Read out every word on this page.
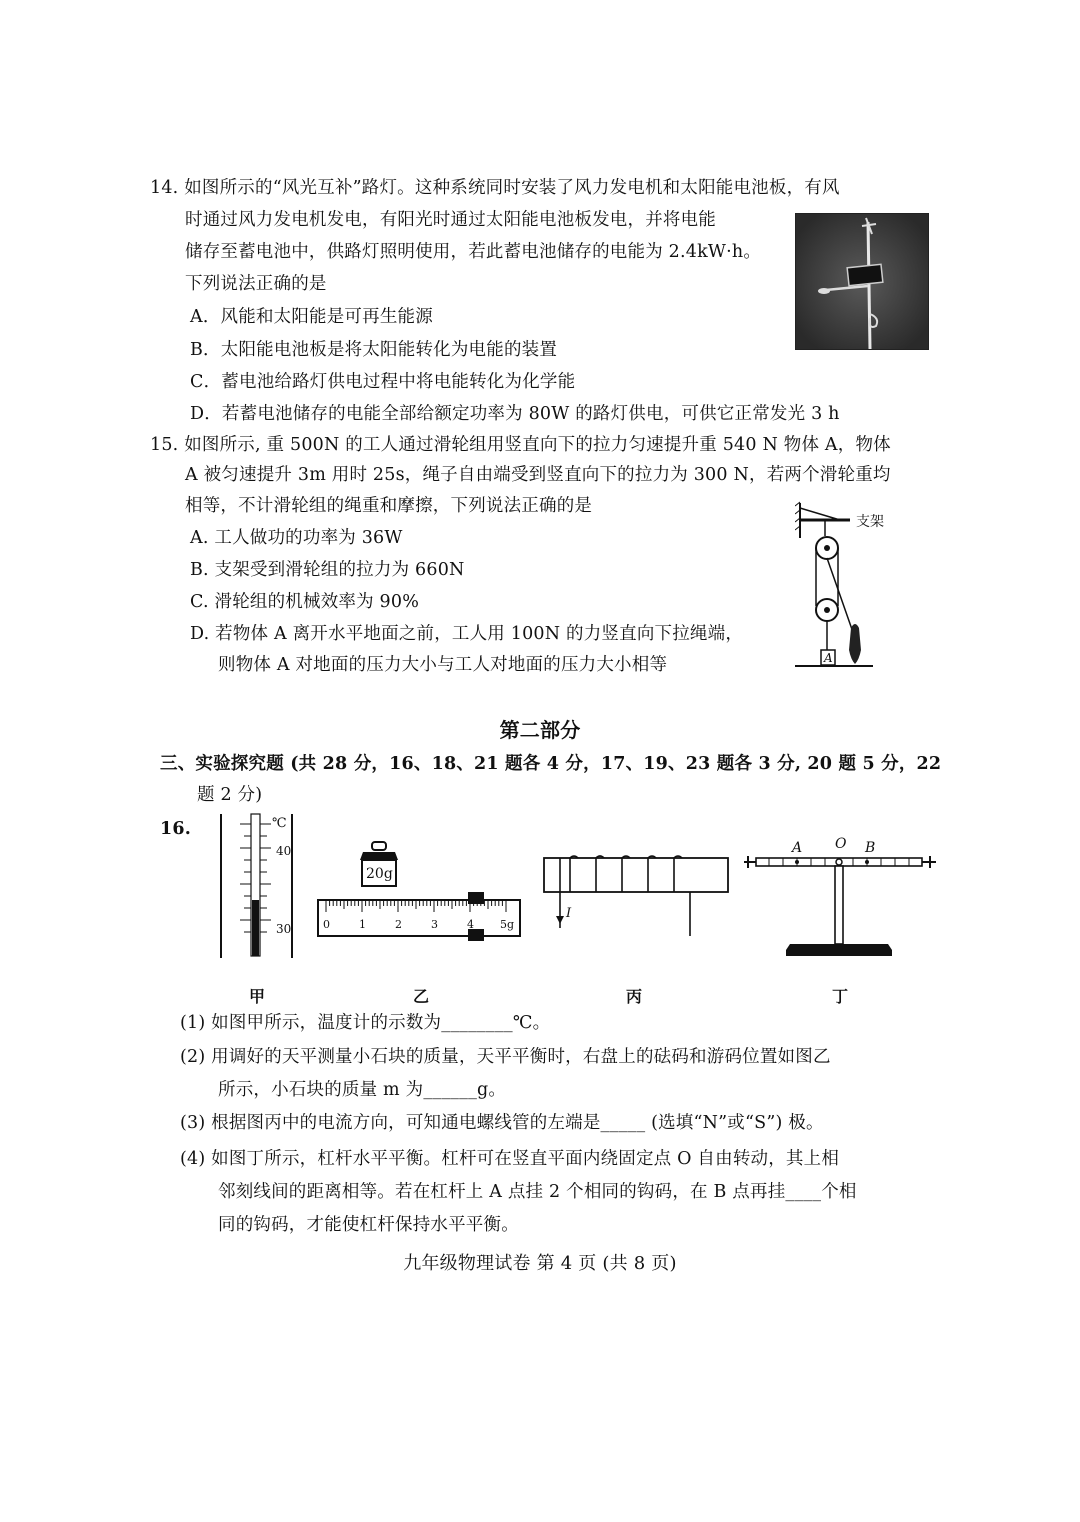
14. 如图所示的“风光互补”路灯。这种系统同时安装了风力发电机和太阳能电池板，有风
时通过风力发电机发电，有阳光时通过太阳能电池板发电，并将电能
储存至蓄电池中，供路灯照明使用，若此蓄电池储存的电能为 2.4kW·h。
下列说法正确的是
A．风能和太阳能是可再生能源
B．太阳能电池板是将太阳能转化为电能的装置
C．蓄电池给路灯供电过程中将电能转化为化学能
D．若蓄电池储存的电能全部给额定功率为 80W 的路灯供电，可供它正常发光 3 h
15. 如图所示, 重 500N 的工人通过滑轮组用竖直向下的拉力匀速提升重 540 N 物体 A，物体
A 被匀速提升 3m 用时 25s，绳子自由端受到竖直向下的拉力为 300 N，若两个滑轮重均
相等，不计滑轮组的绳重和摩擦，下列说法正确的是
A. 工人做功的功率为 36W
B. 支架受到滑轮组的拉力为 660N
C. 滑轮组的机械效率为 90%
D. 若物体 A 离开水平地面之前，工人用 100N 的力竖直向下拉绳端，
则物体 A 对地面的压力大小与工人对地面的压力大小相等
支架
A
第二部分
三、实验探究题 (共 28 分，16、18、21 题各 4 分，17、19、23 题各 3 分, 20 题 5 分，22
题 2 分)
16.	℃
40
30
20g
0	1	2	3	4 5g
I
A O B
甲	乙	丙	丁
(1) 如图甲所示，温度计的示数为________℃。
(2) 用调好的天平测量小石块的质量，天平平衡时，右盘上的砝码和游码位置如图乙
所示，小石块的质量 m 为______g。
(3) 根据图丙中的电流方向，可知通电螺线管的左端是_____ (选填“N”或“S”) 极。
(4) 如图丁所示，杠杆水平平衡。杠杆可在竖直平面内绕固定点 O 自由转动，其上相
邻刻线间的距离相等。若在杠杆上 A 点挂 2 个相同的钩码，在 B 点再挂____个相
同的钩码，才能使杠杆保持水平平衡。
九年级物理试卷 第 4 页 (共 8 页)
